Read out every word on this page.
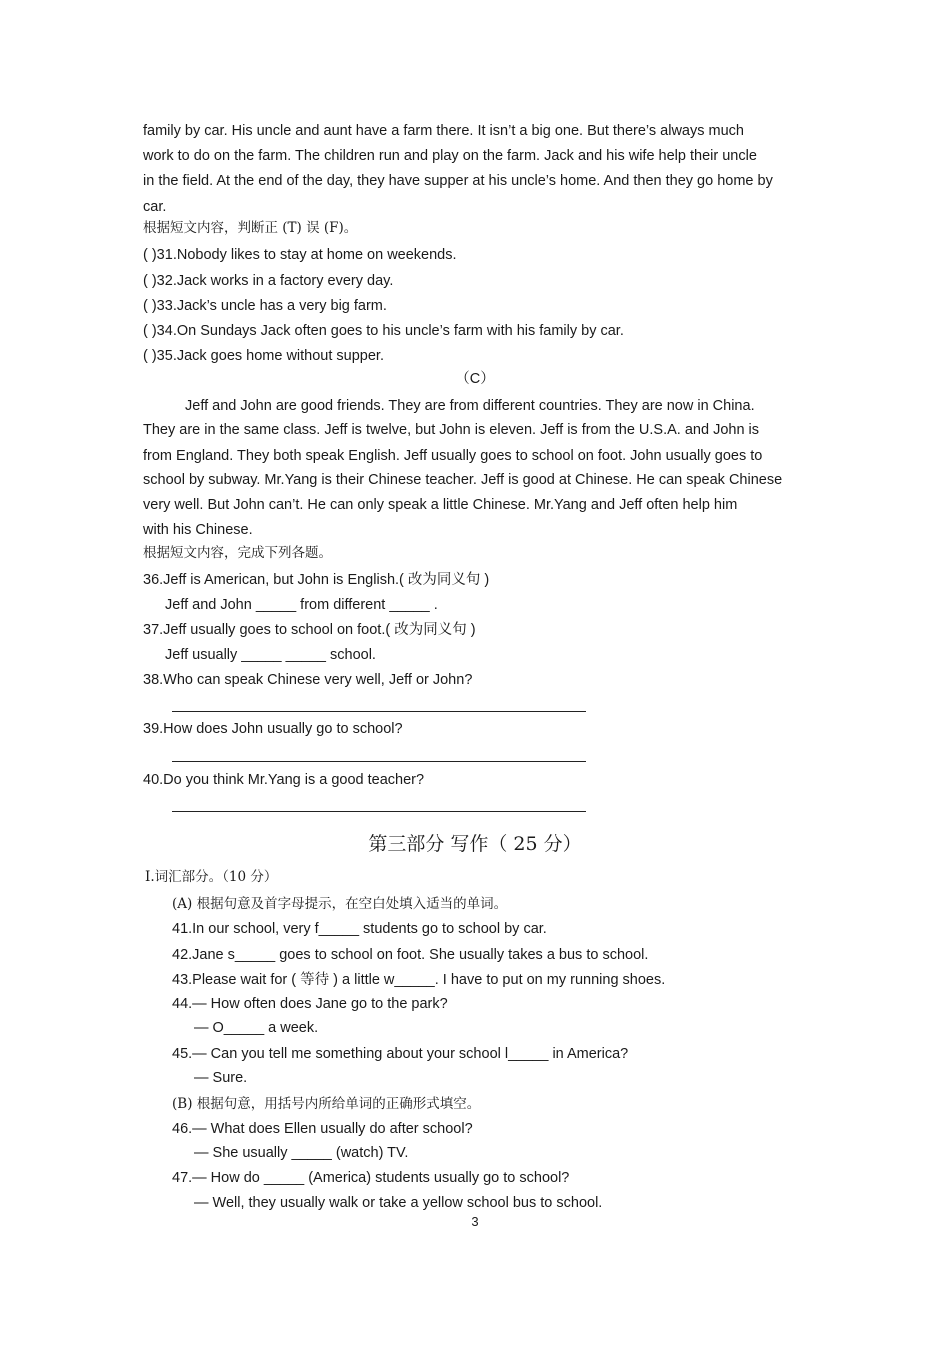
family by car. His uncle and aunt have a farm there. It isn’t a big one. But there’s always much
work to do on the farm. The children run and play on the farm. Jack and his wife help their uncle
in the field. At the end of the day, they have supper at his uncle’s home. And then they go home by
car.
根据短文内容，判断正 (T) 误 (F)。
( )31.Nobody likes to stay at home on weekends.
( )32.Jack works in a factory every day.
( )33.Jack’s uncle has a very big farm.
( )34.On Sundays Jack often goes to his uncle’s farm with his family by car.
( )35.Jack goes home without supper.
（C）
Jeff and John are good friends. They are from different countries. They are now in China.
They are in the same class. Jeff is twelve, but John is eleven. Jeff is from the U.S.A. and John is
from England. They both speak English. Jeff usually goes to school on foot. John usually goes to
school by subway. Mr.Yang is their Chinese teacher. Jeff is good at Chinese. He can speak Chinese
very well. But John can’t. He can only speak a little Chinese. Mr.Yang and Jeff often help him
with his Chinese.
根据短文内容，完成下列各题。
36.Jeff is American, but John is English.( 改为同义句 )
Jeff and John _____ from different _____ .
37.Jeff usually goes to school on foot.( 改为同义句 )
Jeff usually _____ _____ school.
38.Who can speak Chinese very well, Jeff or John?
39.How does John usually go to school?
40.Do you think Mr.Yang is a good teacher?
第三部分 写作（ 25 分）
Ⅰ.词汇部分。（10 分）
(A) 根据句意及首字母提示，在空白处填入适当的单词。
41.In our school, very f_____ students go to school by car.
42.Jane s_____ goes to school on foot. She usually takes a bus to school.
43.Please wait for ( 等待 ) a little w_____. I have to put on my running shoes.
44.— How often does Jane go to the park?
— O_____ a week.
45.— Can you tell me something about your school l_____ in America?
— Sure.
(B) 根据句意，用括号内所给单词的正确形式填空。
46.— What does Ellen usually do after school?
— She usually _____ (watch) TV.
47.— How do _____ (America) students usually go to school?
— Well, they usually walk or take a yellow school bus to school.
3
